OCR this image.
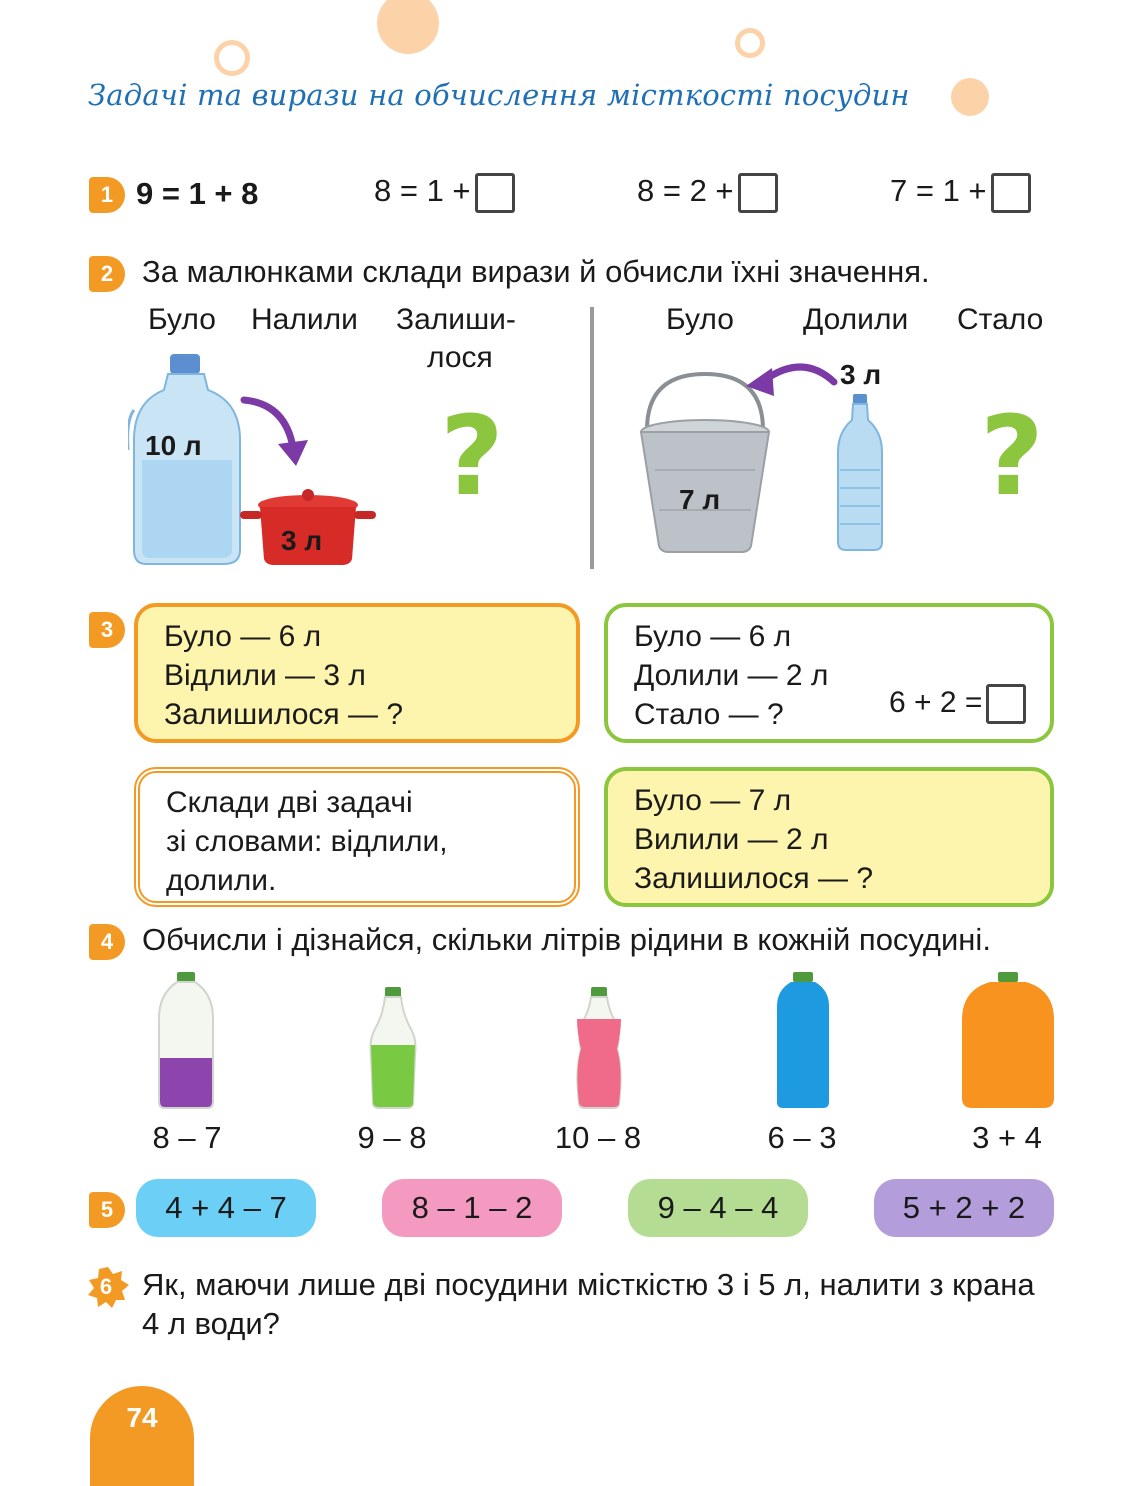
Задачі та вирази на обчислення місткості посудин
1 9 = 1 + 8	8 = 1 +	8 = 2 +	7 = 1 +
2 За малюнками склади вирази й обчисли їхні значення.
Було Налили Залиши-
лося
10 л
3 л
?
Було Долили Стало
7 л
3 л
?
3	Було — 6 л
Відлили — 3 л
Залишилося — ?
Було — 6 л
Долили — 2 л
Стало — ?	6 + 2 =
Склади дві задачі
зі словами: відлили,
долили.
Було — 7 л
Вилили — 2 л
Залишилося — ?
4 Обчисли і дізнайся, скільки літрів рідини в кожній посудині.
8 – 7	9 – 8	10 – 8	6 – 3	3 + 4
5	4 + 4 – 7	8 – 1 – 2	9 – 4 – 4	5 + 2 + 2
6 Як, маючи лише дві посудини місткістю 3 і 5 л, налити з крана
4 л води?
74
